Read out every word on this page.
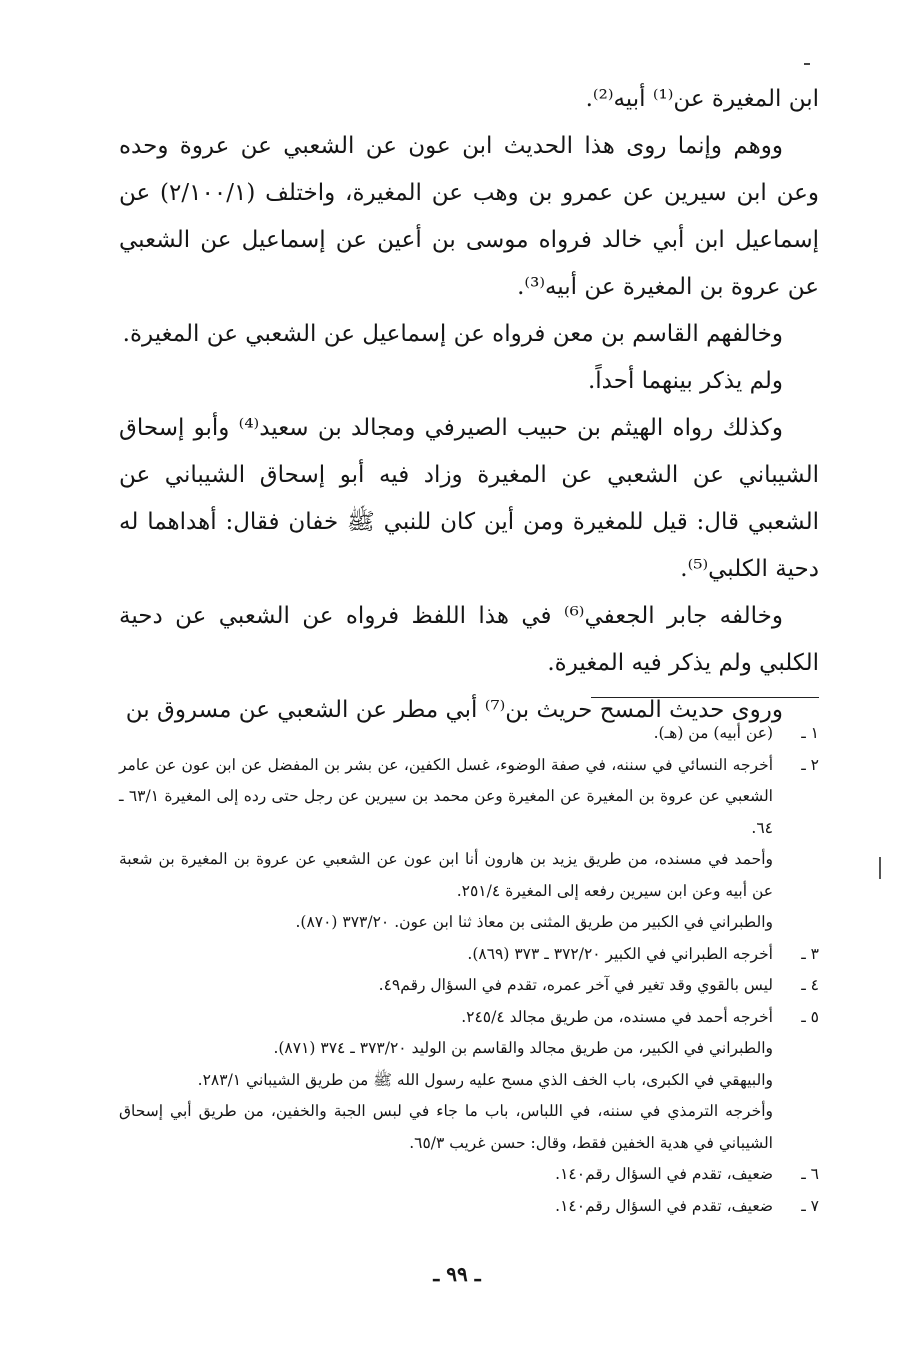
ابن المغيرة عن⁽¹⁾ أبيه⁽²⁾.

ووهم وإنما روى هذا الحديث ابن عون عن الشعبي عن عروة وحده وعن ابن سيرين عن عمرو بن وهب عن المغيرة، واختلف (٢/١٠٠/١) عن إسماعيل ابن أبي خالد فرواه موسى بن أعين عن إسماعيل عن الشعبي عن عروة بن المغيرة عن أبيه⁽³⁾.

وخالفهم القاسم بن معن فرواه عن إسماعيل عن الشعبي عن المغيرة.

ولم يذكر بينهما أحداً.

وكذلك رواه الهيثم بن حبيب الصيرفي ومجالد بن سعيد⁽⁴⁾ وأبو إسحاق الشيباني عن الشعبي عن المغيرة وزاد فيه أبو إسحاق الشيباني عن الشعبي قال: قيل للمغيرة ومن أين كان للنبي ﷺ خفان فقال: أهداهما له دحية الكلبي⁽⁵⁾.

وخالفه جابر الجعفي⁽⁶⁾ في هذا اللفظ فرواه عن الشعبي عن دحية الكلبي ولم يذكر فيه المغيرة.

وروى حديث المسح حريث بن⁽⁷⁾ أبي مطر عن الشعبي عن مسروق بن

١ ـ
(عن أبيه) من (هـ).
٢ ـ
أخرجه النسائي في سننه، في صفة الوضوء، غسل الكفين، عن بشر بن المفضل عن ابن عون عن عامر الشعبي عن عروة بن المغيرة عن المغيرة وعن محمد بن سيرين عن رجل حتى رده إلى المغيرة ٦٣/١ ـ ٦٤.
وأحمد في مسنده، من طريق يزيد بن هارون أنا ابن عون عن الشعبي عن عروة بن المغيرة بن شعبة عن أبيه وعن ابن سيرين رفعه إلى المغيرة ٢٥١/٤.
والطبراني في الكبير من طريق المثنى بن معاذ ثنا ابن عون. ٣٧٣/٢٠ (٨٧٠).
٣ ـ
أخرجه الطبراني في الكبير ٣٧٢/٢٠ ـ ٣٧٣ (٨٦٩).
٤ ـ
ليس بالقوي وقد تغير في آخر عمره، تقدم في السؤال رقم٤٩.
٥ ـ
أخرجه أحمد في مسنده، من طريق مجالد ٢٤٥/٤.
والطبراني في الكبير، من طريق مجالد والقاسم بن الوليد ٣٧٣/٢٠ ـ ٣٧٤ (٨٧١).
والبيهقي في الكبرى، باب الخف الذي مسح عليه رسول الله ﷺ من طريق الشيباني ٢٨٣/١.
وأخرجه الترمذي في سننه، في اللباس، باب ما جاء في لبس الجبة والخفين، من طريق أبي إسحاق الشيباني في هدية الخفين فقط، وقال: حسن غريب ٦٥/٣.
٦ ـ
ضعيف، تقدم في السؤال رقم١٤٠.
٧ ـ
ضعيف، تقدم في السؤال رقم١٤٠.
ـ ٩٩ ـ
